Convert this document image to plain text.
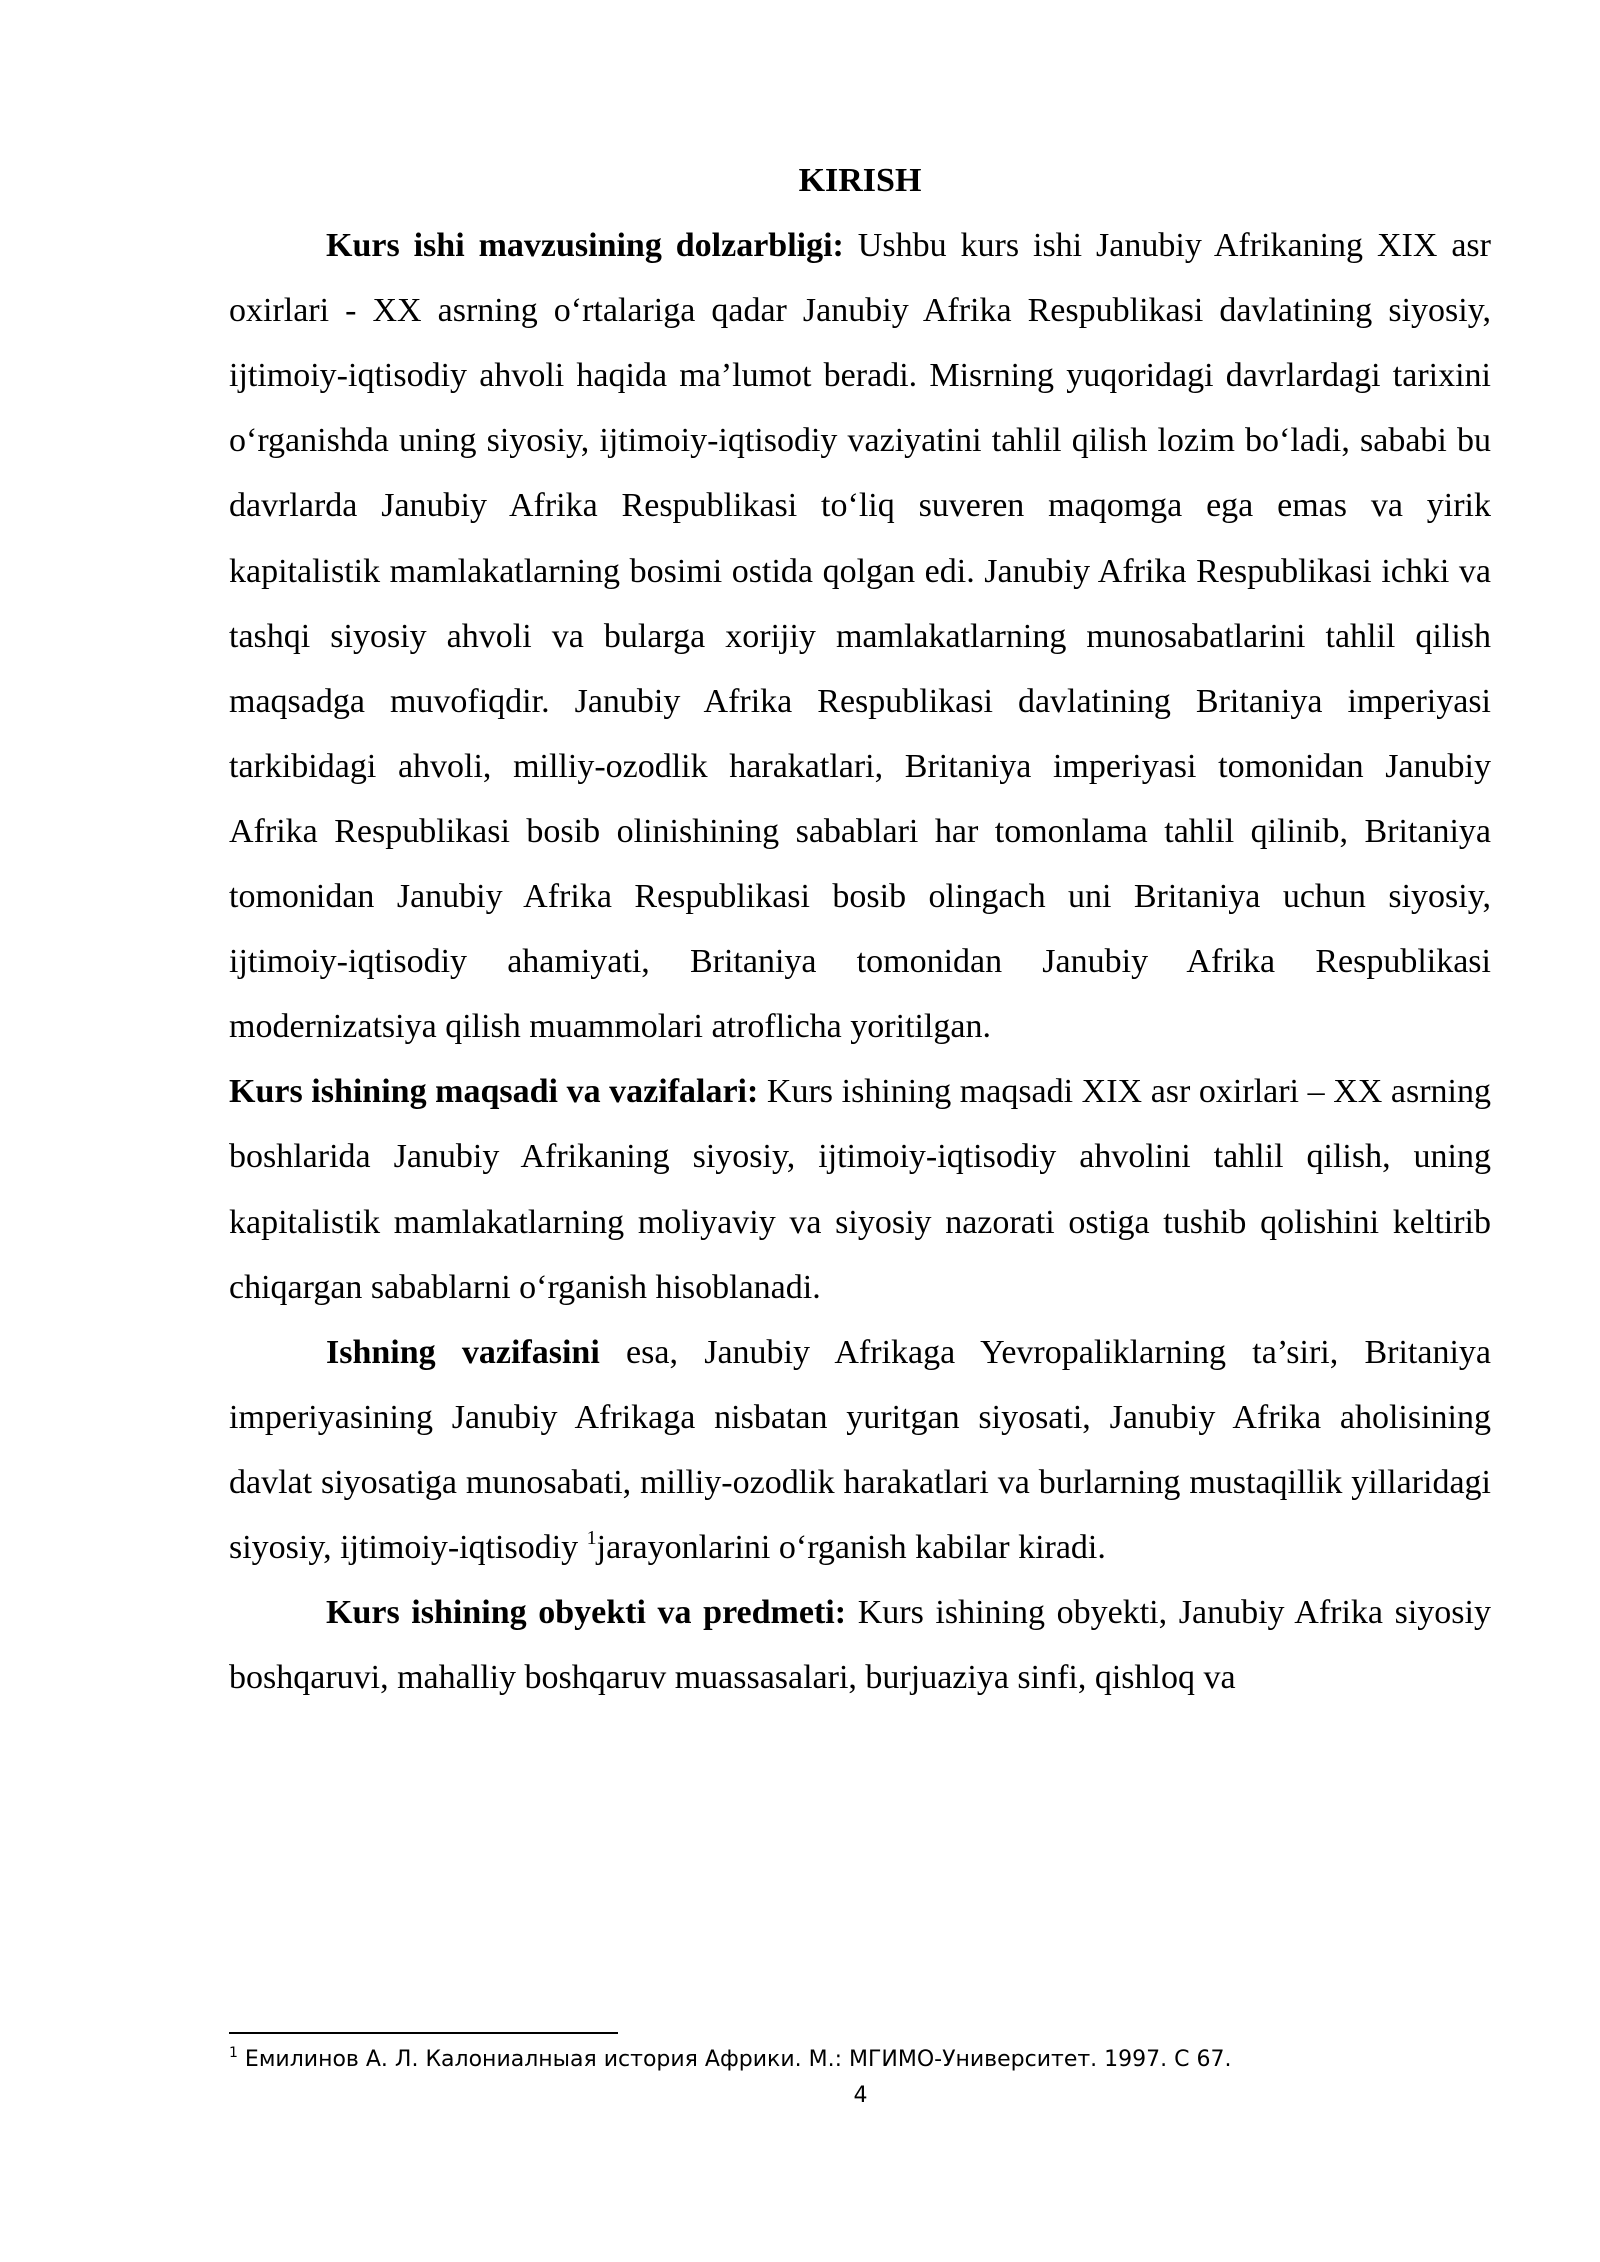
KIRISH

Kurs ishi mavzusining dolzarbligi: Ushbu kurs ishi Janubiy Afrikaning XIX asr oxirlari - XX asrning o‘rtalariga qadar Janubiy Afrika Respublikasi davlatining siyosiy, ijtimoiy-iqtisodiy ahvoli haqida ma’lumot beradi. Misrning yuqoridagi davrlardagi tarixini o‘rganishda uning siyosiy, ijtimoiy-iqtisodiy vaziyatini tahlil qilish lozim bo‘ladi, sababi bu davrlarda Janubiy Afrika Respublikasi to‘liq suveren maqomga ega emas va yirik kapitalistik mamlakatlarning bosimi ostida qolgan edi. Janubiy Afrika Respublikasi ichki va tashqi siyosiy ahvoli va bularga xorijiy mamlakatlarning munosabatlarini tahlil qilish maqsadga muvofiqdir. Janubiy Afrika Respublikasi davlatining Britaniya imperiyasi tarkibidagi ahvoli, milliy-ozodlik harakatlari, Britaniya imperiyasi tomonidan Janubiy Afrika Respublikasi bosib olinishining sabablari har tomonlama tahlil qilinib, Britaniya tomonidan Janubiy Afrika Respublikasi bosib olingach uni Britaniya uchun siyosiy, ijtimoiy-iqtisodiy ahamiyati, Britaniya tomonidan Janubiy Afrika Respublikasi modernizatsiya qilish muammolari atroflicha yoritilgan.

Kurs ishining maqsadi va vazifalari: Kurs ishining maqsadi XIX asr oxirlari – XX asrning boshlarida Janubiy Afrikaning siyosiy, ijtimoiy-iqtisodiy ahvolini tahlil qilish, uning kapitalistik mamlakatlarning moliyaviy va siyosiy nazorati ostiga tushib qolishini keltirib chiqargan sabablarni o‘rganish hisoblanadi.

Ishning vazifasini esa, Janubiy Afrikaga Yevropaliklarning ta’siri, Britaniya imperiyasining Janubiy Afrikaga nisbatan yuritgan siyosati, Janubiy Afrika aholisining davlat siyosatiga munosabati, milliy-ozodlik harakatlari va burlarning mustaqillik yillaridagi siyosiy, ijtimoiy-iqtisodiy $^1$jarayonlarini o‘rganish kabilar kiradi.

Kurs ishining obyekti va predmeti: Kurs ishining obyekti, Janubiy Afrika siyosiy boshqaruvi, mahalliy boshqaruv muassasalari, burjuaziya sinfi, qishloq va

$^1$ Емилинов А. Л. Калониалныая история Африки. М.: МГИМО-Университет. 1997. С 67.
4
